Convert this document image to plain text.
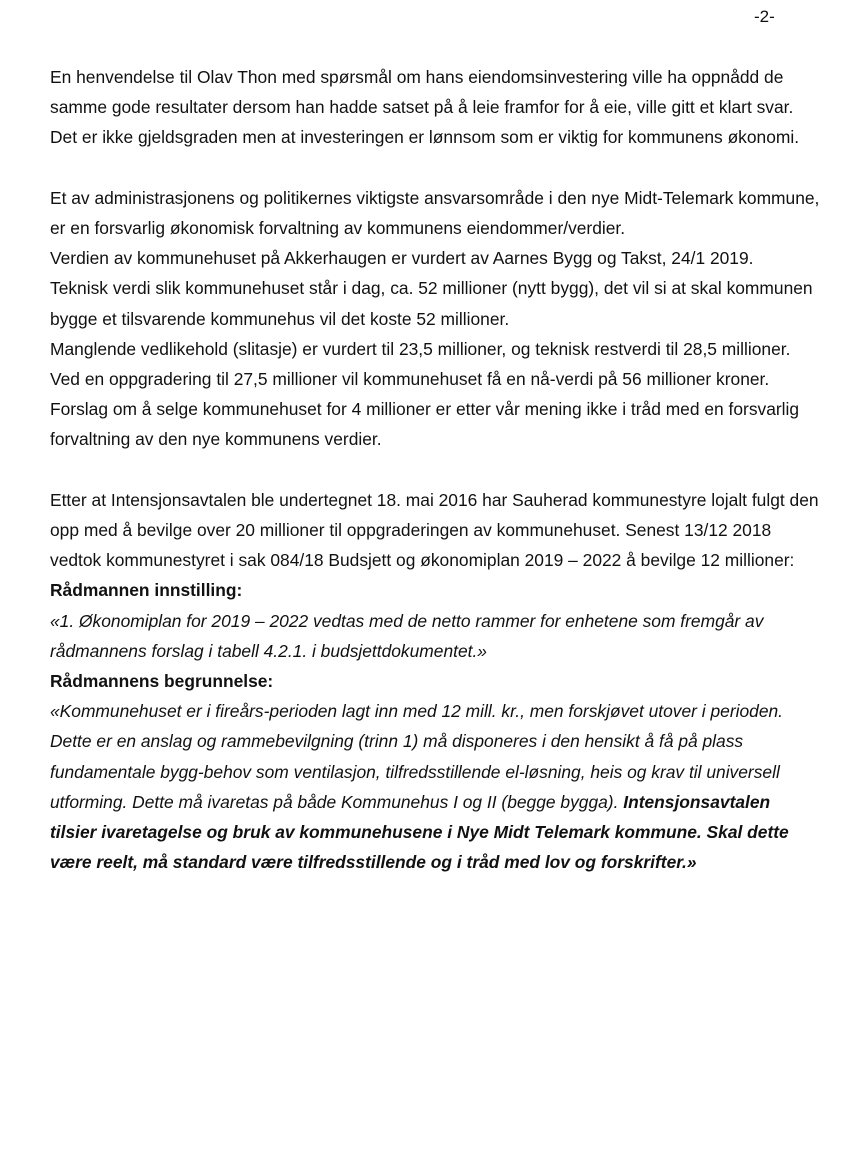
-2-

En henvendelse til Olav Thon med spørsmål om hans eiendomsinvestering ville ha oppnådd de samme gode resultater dersom han hadde satset på å leie framfor for å eie, ville gitt et klart svar.

Det er ikke gjeldsgraden men at investeringen er lønnsom som er viktig for kommunens økonomi.

Et av administrasjonens og politikernes viktigste ansvarsområde i den nye Midt-Telemark kommune, er en forsvarlig økonomisk forvaltning av kommunens eiendommer/verdier.

Verdien av kommunehuset på Akkerhaugen er vurdert av Aarnes Bygg og Takst, 24/1 2019.

Teknisk verdi slik kommunehuset står i dag, ca. 52 millioner (nytt bygg), det vil si at skal kommunen bygge et tilsvarende kommunehus vil det koste 52 millioner.

Manglende vedlikehold (slitasje) er vurdert til 23,5 millioner, og teknisk restverdi til 28,5 millioner.

Ved en oppgradering til 27,5 millioner vil kommunehuset få en nå-verdi på 56 millioner kroner.

Forslag om å selge kommunehuset for 4 millioner er etter vår mening ikke i tråd med en forsvarlig forvaltning av den nye kommunens verdier.

Etter at Intensjonsavtalen ble undertegnet 18. mai 2016 har Sauherad kommunestyre lojalt fulgt den opp med å bevilge over 20 millioner til oppgraderingen av kommunehuset. Senest 13/12 2018 vedtok kommunestyret i sak 084/18 Budsjett og økonomiplan 2019 – 2022 å bevilge 12 millioner:

Rådmannen innstilling:

«1. Økonomiplan for 2019 – 2022 vedtas med de netto rammer for enhetene som fremgår av rådmannens forslag i tabell 4.2.1. i budsjettdokumentet.»

Rådmannens begrunnelse:

«Kommunehuset er i fireårs-perioden lagt inn med 12 mill. kr., men forskjøvet utover i perioden. Dette er en anslag og rammebevilgning (trinn 1) må disponeres i den hensikt å få på plass fundamentale bygg-behov som ventilasjon, tilfredsstillende el-løsning, heis og krav til universell utforming. Dette må ivaretas på både Kommunehus I og II (begge bygga). Intensjonsavtalen tilsier ivaretagelse og bruk av kommunehusene i Nye Midt Telemark kommune. Skal dette være reelt, må standard være tilfredsstillende og i tråd med lov og forskrifter.»
